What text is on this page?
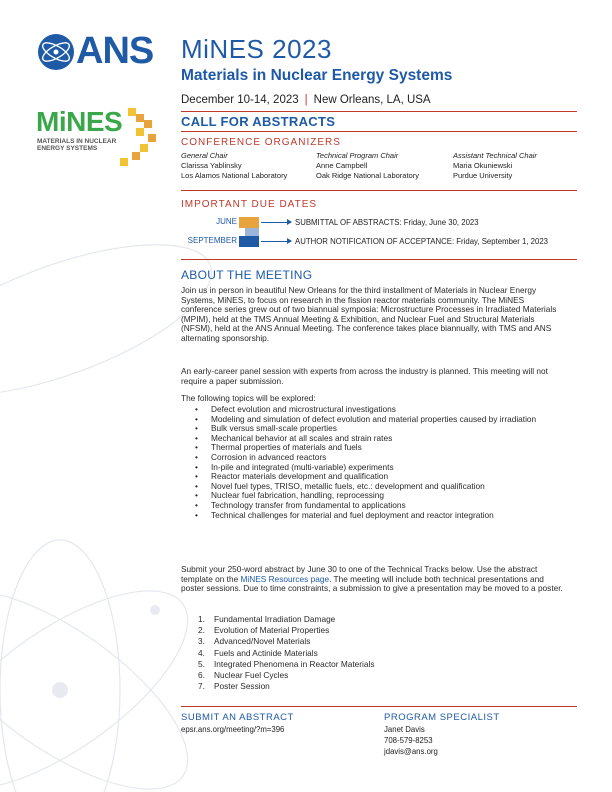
ANS MiNES 2023
Materials in Nuclear Energy Systems
December 10-14, 2023 | New Orleans, LA, USA
MiNES
MATERIALS IN NUCLEAR
ENERGY SYSTEMS
CALL FOR ABSTRACTS
CONFERENCE ORGANIZERS
General Chair
Clarissa Yablinsky
Los Alamos National Laboratory
Technical Program Chair
Anne Campbell
Oak Ridge National Laboratory
Assistant Technical Chair
Maria Okuniewski
Purdue University
IMPORTANT DUE DATES
JUNE	SUBMITTAL OF ABSTRACTS: Friday, June 30, 2023
SEPTEMBER	AUTHOR NOTIFICATION OF ACCEPTANCE: Friday, September 1, 2023
ABOUT THE MEETING

Join us in person in beautiful New Orleans for the third installment of Materials in Nuclear Energy Systems, MiNES, to focus on research in the fission reactor materials community. The MiNES conference series grew out of two biannual symposia: Microstructure Processes in Irradiated Materials (MPIM), held at the TMS Annual Meeting & Exhibition, and Nuclear Fuel and Structural Materials (NFSM), held at the ANS Annual Meeting. The conference takes place biannually, with TMS and ANS alternating sponsorship.

An early-career panel session with experts from across the industry is planned. This meeting will not require a paper submission.

The following topics will be explored:

• Defect evolution and microstructural investigations
• Modeling and simulation of defect evolution and material properties caused by irradiation
• Bulk versus small-scale properties
• Mechanical behavior at all scales and strain rates
• Thermal properties of materials and fuels
• Corrosion in advanced reactors
• In-pile and integrated (multi-variable) experiments
• Reactor materials development and qualification
• Novel fuel types, TRISO, metallic fuels, etc.: development and qualification
• Nuclear fuel fabrication, handling, reprocessing
• Technology transfer from fundamental to applications
• Technical challenges for material and fuel deployment and reactor integration

Submit your 250-word abstract by June 30 to one of the Technical Tracks below. Use the abstract template on the MiNES Resources page. The meeting will include both technical presentations and poster sessions. Due to time constraints, a submission to give a presentation may be moved to a poster.

1. Fundamental Irradiation Damage
2. Evolution of Material Properties
3. Advanced/Novel Materials
4. Fuels and Actinide Materials
5. Integrated Phenomena in Reactor Materials
6. Nuclear Fuel Cycles
7. Poster Session
SUBMIT AN ABSTRACT
epsr.ans.org/meeting/?m=396
PROGRAM SPECIALIST
Janet Davis
708-579-8253
jdavis@ans.org
